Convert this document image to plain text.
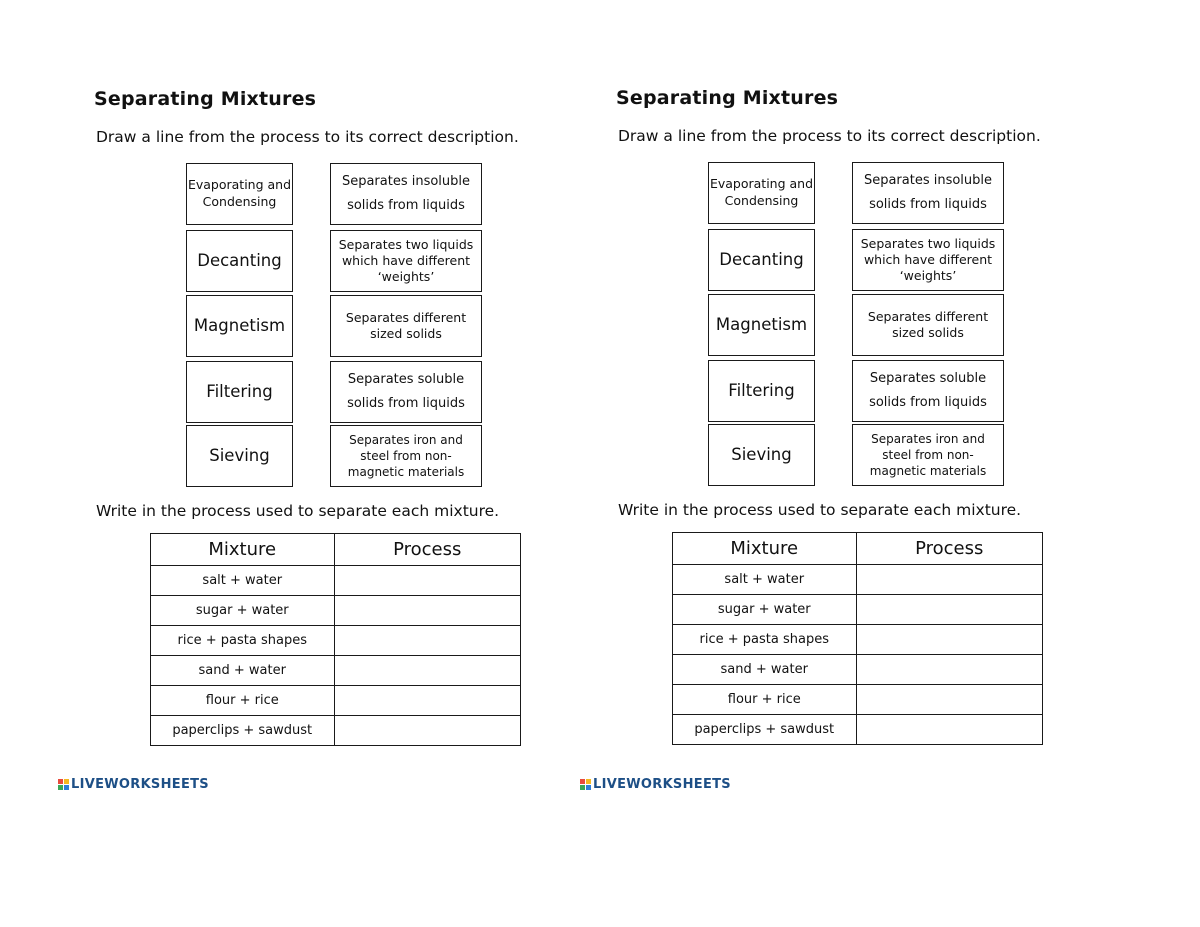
Separating Mixtures
Draw a line from the process to its correct description.
Evaporating and Condensing
Decanting
Magnetism
Filtering
Sieving
Separates insoluble solids from liquids
Separates two liquids which have different ‘weights’
Separates different sized solids
Separates soluble solids from liquids
Separates iron and steel from non-magnetic materials
Write in the process used to separate each mixture.
Mixture	Process
salt + water	
sugar + water	
rice + pasta shapes	
sand + water	
flour + rice	
paperclips + sawdust	
LIVEWORKSHEETS
Separating Mixtures
Draw a line from the process to its correct description.
Evaporating and Condensing
Decanting
Magnetism
Filtering
Sieving
Separates insoluble solids from liquids
Separates two liquids which have different ‘weights’
Separates different sized solids
Separates soluble solids from liquids
Separates iron and steel from non-magnetic materials
Write in the process used to separate each mixture.
Mixture	Process
salt + water	
sugar + water	
rice + pasta shapes	
sand + water	
flour + rice	
paperclips + sawdust	
LIVEWORKSHEETS
